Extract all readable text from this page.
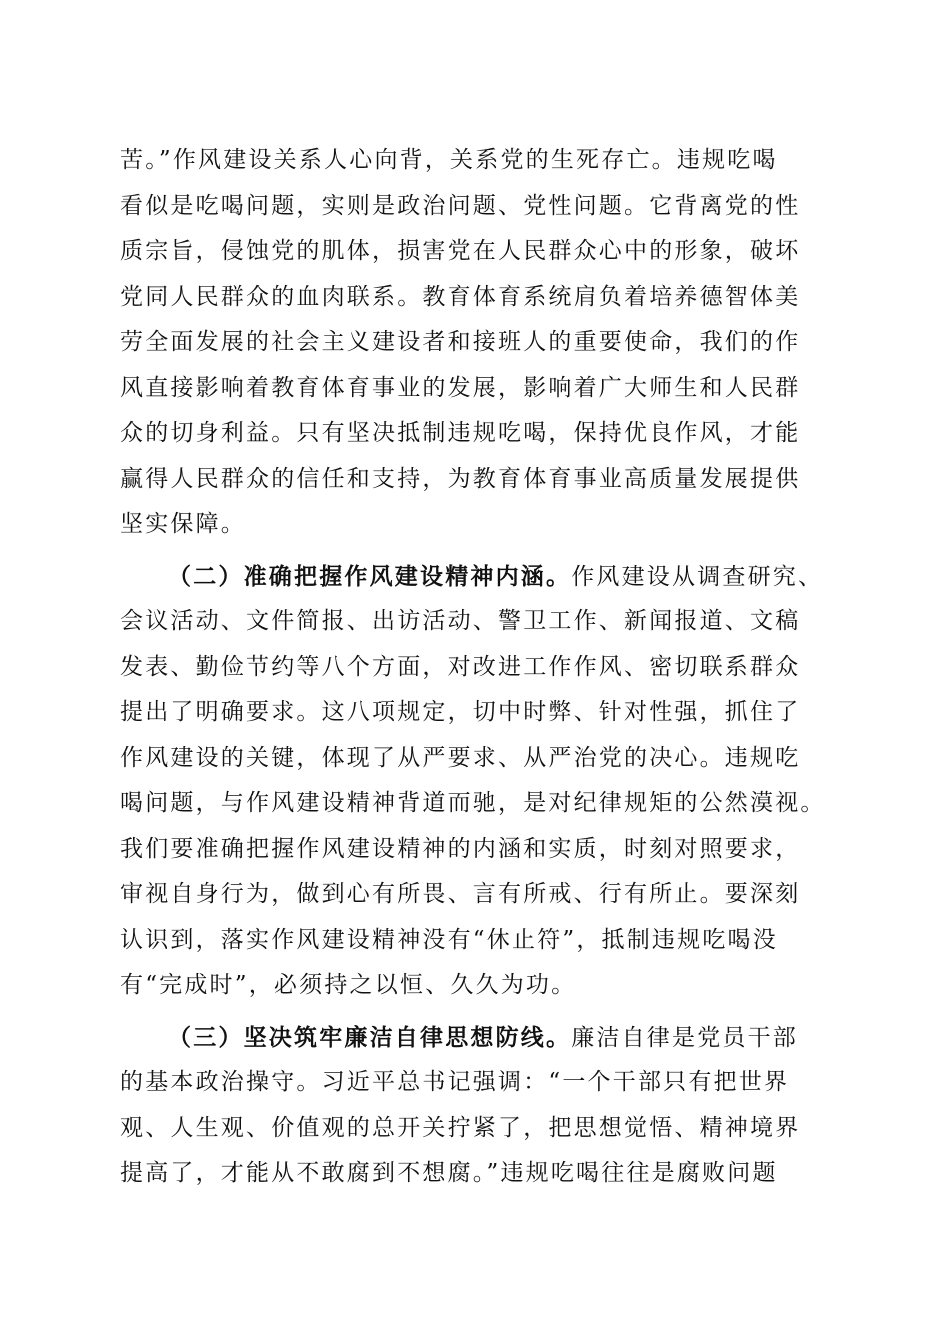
苦。”作风建设关系人心向背，关系党的生死存亡。违规吃喝
看似是吃喝问题，实则是政治问题、党性问题。它背离党的性
质宗旨，侵蚀党的肌体，损害党在人民群众心中的形象，破坏
党同人民群众的血肉联系。教育体育系统肩负着培养德智体美
劳全面发展的社会主义建设者和接班人的重要使命，我们的作
风直接影响着教育体育事业的发展，影响着广大师生和人民群
众的切身利益。只有坚决抵制违规吃喝，保持优良作风，才能
赢得人民群众的信任和支持，为教育体育事业高质量发展提供
坚实保障。
（二）准确把握作风建设精神内涵。作风建设从调查研究、
会议活动、文件简报、出访活动、警卫工作、新闻报道、文稿
发表、勤俭节约等八个方面，对改进工作作风、密切联系群众
提出了明确要求。这八项规定，切中时弊、针对性强，抓住了
作风建设的关键，体现了从严要求、从严治党的决心。违规吃
喝问题，与作风建设精神背道而驰，是对纪律规矩的公然漠视。
我们要准确把握作风建设精神的内涵和实质，时刻对照要求，
审视自身行为，做到心有所畏、言有所戒、行有所止。要深刻
认识到，落实作风建设精神没有“休止符”，抵制违规吃喝没
有“完成时”，必须持之以恒、久久为功。
（三）坚决筑牢廉洁自律思想防线。廉洁自律是党员干部
的基本政治操守。习近平总书记强调：“一个干部只有把世界
观、人生观、价值观的总开关拧紧了，把思想觉悟、精神境界
提高了，才能从不敢腐到不想腐。”违规吃喝往往是腐败问题
